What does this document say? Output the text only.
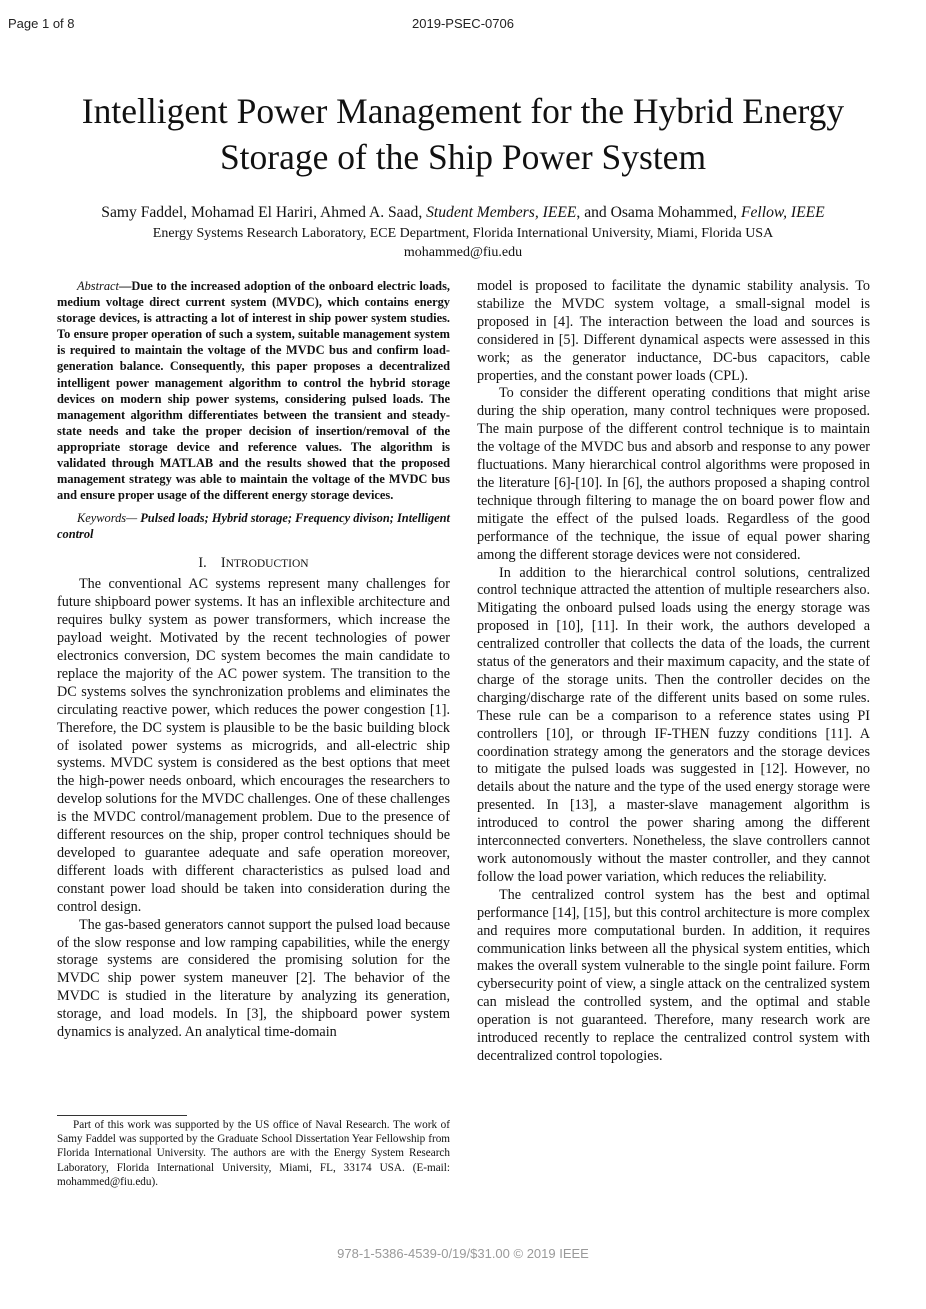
Page 1 of 8	2019-PSEC-0706
Intelligent Power Management for the Hybrid Energy Storage of the Ship Power System
Samy Faddel, Mohamad El Hariri, Ahmed A. Saad, Student Members, IEEE, and Osama Mohammed, Fellow, IEEE
Energy Systems Research Laboratory, ECE Department, Florida International University, Miami, Florida USA
mohammed@fiu.edu

Abstract—Due to the increased adoption of the onboard electric loads, medium voltage direct current system (MVDC), which contains energy storage devices, is attracting a lot of interest in ship power system studies. To ensure proper operation of such a system, suitable management system is required to maintain the voltage of the MVDC bus and confirm load-generation balance. Consequently, this paper proposes a decentralized intelligent power management algorithm to control the hybrid storage devices on modern ship power systems, considering pulsed loads. The management algorithm differentiates between the transient and steady-state needs and take the proper decision of insertion/removal of the appropriate storage device and reference values. The algorithm is validated through MATLAB and the results showed that the proposed management strategy was able to maintain the voltage of the MVDC bus and ensure proper usage of the different energy storage devices.

Keywords— Pulsed loads; Hybrid storage; Frequency divison; Intelligent control

I. INTRODUCTION

The conventional AC systems represent many challenges for future shipboard power systems. It has an inflexible architecture and requires bulky system as power transformers, which increase the payload weight. Motivated by the recent technologies of power electronics conversion, DC system becomes the main candidate to replace the majority of the AC power system. The transition to the DC systems solves the synchronization problems and eliminates the circulating reactive power, which reduces the power congestion [1]. Therefore, the DC system is plausible to be the basic building block of isolated power systems as microgrids, and all-electric ship systems. MVDC system is considered as the best options that meet the high-power needs onboard, which encourages the researchers to develop solutions for the MVDC challenges. One of these challenges is the MVDC control/management problem. Due to the presence of different resources on the ship, proper control techniques should be developed to guarantee adequate and safe operation moreover, different loads with different characteristics as pulsed load and constant power load should be taken into consideration during the control design.

The gas-based generators cannot support the pulsed load because of the slow response and low ramping capabilities, while the energy storage systems are considered the promising solution for the MVDC ship power system maneuver [2]. The behavior of the MVDC is studied in the literature by analyzing its generation, storage, and load models. In [3], the shipboard power system dynamics is analyzed. An analytical time-domain

model is proposed to facilitate the dynamic stability analysis. To stabilize the MVDC system voltage, a small-signal model is proposed in [4]. The interaction between the load and sources is considered in [5]. Different dynamical aspects were assessed in this work; as the generator inductance, DC-bus capacitors, cable properties, and the constant power loads (CPL).

To consider the different operating conditions that might arise during the ship operation, many control techniques were proposed. The main purpose of the different control technique is to maintain the voltage of the MVDC bus and absorb and response to any power fluctuations. Many hierarchical control algorithms were proposed in the literature [6]-[10]. In [6], the authors proposed a shaping control technique through filtering to manage the on board power flow and mitigate the effect of the pulsed loads. Regardless of the good performance of the technique, the issue of equal power sharing among the different storage devices were not considered.

In addition to the hierarchical control solutions, centralized control technique attracted the attention of multiple researchers also. Mitigating the onboard pulsed loads using the energy storage was proposed in [10], [11]. In their work, the authors developed a centralized controller that collects the data of the loads, the current status of the generators and their maximum capacity, and the state of charge of the storage units. Then the controller decides on the charging/discharge rate of the different units based on some rules. These rule can be a comparison to a reference states using PI controllers [10], or through IF-THEN fuzzy conditions [11]. A coordination strategy among the generators and the storage devices to mitigate the pulsed loads was suggested in [12]. However, no details about the nature and the type of the used energy storage were presented. In [13], a master-slave management algorithm is introduced to control the power sharing among the different interconnected converters. Nonetheless, the slave controllers cannot work autonomously without the master controller, and they cannot follow the load power variation, which reduces the reliability.

The centralized control system has the best and optimal performance [14], [15], but this control architecture is more complex and requires more computational burden. In addition, it requires communication links between all the physical system entities, which makes the overall system vulnerable to the single point failure. Form cybersecurity point of view, a single attack on the centralized system can mislead the controlled system, and the optimal and stable operation is not guaranteed. Therefore, many research work are introduced recently to replace the centralized control system with decentralized control topologies.

Part of this work was supported by the US office of Naval Research. The work of Samy Faddel was supported by the Graduate School Dissertation Year Fellowship from Florida International University. The authors are with the Energy System Research Laboratory, Florida International University, Miami, FL, 33174 USA. (E-mail: mohammed@fiu.edu).
978-1-5386-4539-0/19/$31.00 © 2019 IEEE
